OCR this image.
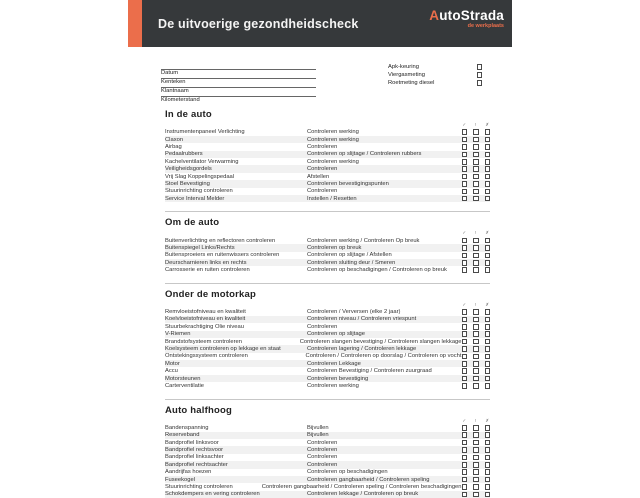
De uitvoerige gezondheidscheck
AutoStrada
de werkplaats
Datum
Kenteken
Klantnaam
Kilometerstand
Apk-keuring
Viergasmeting
Roetmeting diesel
In de auto
✓	!	✗
Instrumentenpaneel Verlichting	Controleren werking
Claxon	Controleren werking
Airbag	Controleren
Pedaalrubbers	Controleren op slijtage / Controleren rubbers
Kachelventilator Verwarming	Controleren werking
Veiligheidsgordels	Controleren
Vrij Slag Koppelingspedaal	Afstellen
Stoel Bevestiging	Controleren bevestigingspunten
Stuurinrichting controleren	Controleren
Service Interval Melder	Instellen / Resetten
Om de auto
✓	!	✗
Buitenverlichting en reflectoren controleren	Controleren werking / Controleren Op breuk
Buitenspiegel Links/Rechts	Controleren op breuk
Buitensproeiers en ruitenwissers controleren	Controleren op slijtage / Afstellen
Deurscharnieren links en rechts	Controleren sluiting deur / Smeren
Carrosserie en ruiten controleren	Controleren op beschadigingen / Controleren op breuk
Onder de motorkap
✓	!	✗
Remvloeistofniveau en kwaliteit	Controleren / Verversen (elke 2 jaar)
Koelvloeistofniveau en kwaliteit	Controleren niveau / Controleren vriespunt
Stuurbekrachtiging Olie niveau	Controleren
V-Riemen	Controleren op slijtage
Brandstofsysteem controleren	Controleren slangen bevestiging / Controleren slangen lekkage
Koelsysteem controleren op lekkage en staat	Controleren lagering / Controleren lekkage
Ontstekingssysteem controleren	Controleren / Controleren op doorslag / Controleren op vocht
Motor	Controleren Lekkage
Accu	Controleren Bevestiging / Controleren zuurgraad
Motorsteunen	Controleren bevestiging
Carterventilatie	Controleren werking
Auto halfhoog
✓	!	✗
Bandenspanning	Bijvullen
Reserveband	Bijvullen
Bandprofiel linksvoor	Controleren
Bandprofiel rechtsvoor	Controleren
Bandprofiel linksachter	Controleren
Bandprofiel rechtsachter	Controleren
Aandrijfas hoezen	Controleren op beschadigingen
Fuseekogel	Controleren gangbaarheid / Controleren speling
Stuurinrichting controleren	Controleren gangbaarheid / Controleren speling / Controleren beschadigingen
Schokdempers en vering controleren	Controleren lekkage / Controleren op breuk
